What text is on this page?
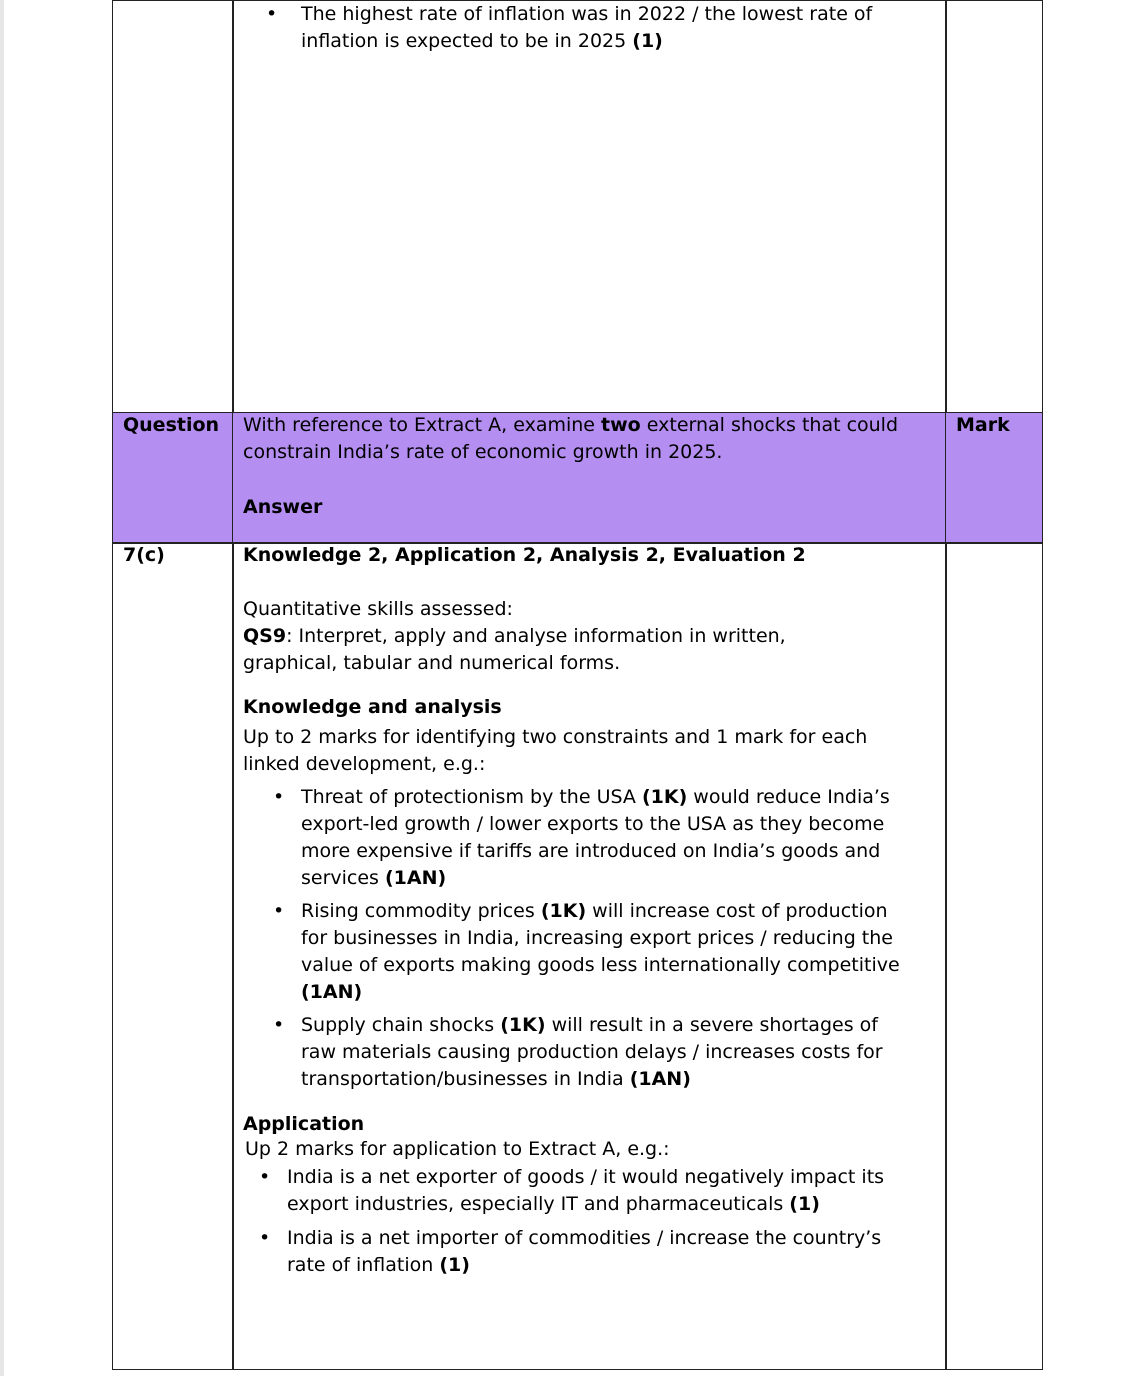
• The highest rate of inflation was in 2022 / the lowest rate of

inflation is expected to be in 2025 (1)

Question With reference to Extract A, examine two external shocks that could

constrain India’s rate of economic growth in 2025.

Answer

Mark

7(c)	Knowledge 2, Application 2, Analysis 2, Evaluation 2

Quantitative skills assessed:

QS9: Interpret, apply and analyse information in written,

graphical, tabular and numerical forms.

Knowledge and analysis

Up to 2 marks for identifying two constraints and 1 mark for each

linked development, e.g.:

• Threat of protectionism by the USA (1K) would reduce India’s

export-led growth / lower exports to the USA as they become

more expensive if tariffs are introduced on India’s goods and

services (1AN)

• Rising commodity prices (1K) will increase cost of production

for businesses in India, increasing export prices / reducing the

value of exports making goods less internationally competitive

(1AN)

• Supply chain shocks (1K) will result in a severe shortages of

raw materials causing production delays / increases costs for

transportation/businesses in India (1AN)

Application

Up 2 marks for application to Extract A, e.g.:

• India is a net exporter of goods / it would negatively impact its

export industries, especially IT and pharmaceuticals (1)

• India is a net importer of commodities / increase the country’s

rate of inflation (1)
